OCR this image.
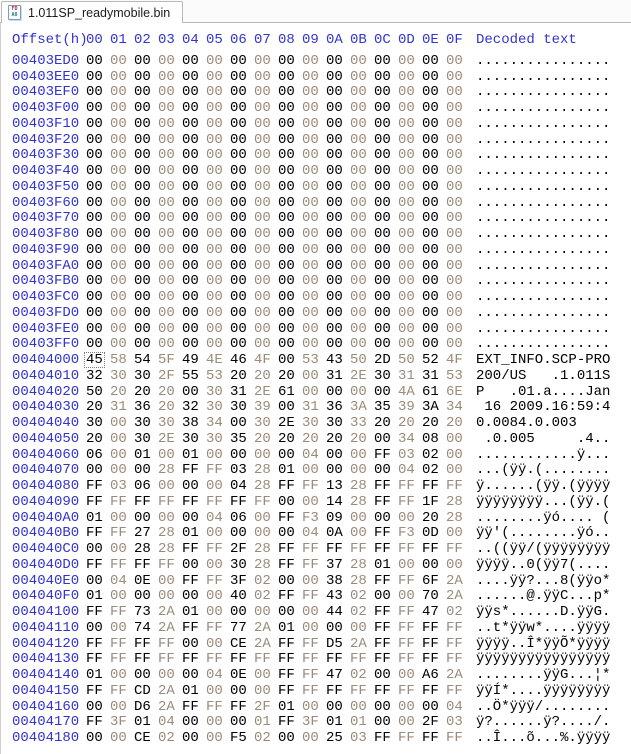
FD
A0 1.011SP_readymobile.bin
Offset(h)
00 01 02 03 04 05 06 07 08 09 0A 0B 0C 0D 0E 0F Decoded text
00403ED0 00 00 00 00 00 00 00 00 00 00 00 00 00 00 00 00 ................
00403EE0 00 00 00 00 00 00 00 00 00 00 00 00 00 00 00 00 ................
00403EF0 00 00 00 00 00 00 00 00 00 00 00 00 00 00 00 00 ................
00403F00 00 00 00 00 00 00 00 00 00 00 00 00 00 00 00 00 ................
00403F10 00 00 00 00 00 00 00 00 00 00 00 00 00 00 00 00 ................
00403F20 00 00 00 00 00 00 00 00 00 00 00 00 00 00 00 00 ................
00403F30 00 00 00 00 00 00 00 00 00 00 00 00 00 00 00 00 ................
00403F40 00 00 00 00 00 00 00 00 00 00 00 00 00 00 00 00 ................
00403F50 00 00 00 00 00 00 00 00 00 00 00 00 00 00 00 00 ................
00403F60 00 00 00 00 00 00 00 00 00 00 00 00 00 00 00 00 ................
00403F70 00 00 00 00 00 00 00 00 00 00 00 00 00 00 00 00 ................
00403F80 00 00 00 00 00 00 00 00 00 00 00 00 00 00 00 00 ................
00403F90 00 00 00 00 00 00 00 00 00 00 00 00 00 00 00 00 ................
00403FA0 00 00 00 00 00 00 00 00 00 00 00 00 00 00 00 00 ................
00403FB0 00 00 00 00 00 00 00 00 00 00 00 00 00 00 00 00 ................
00403FC0 00 00 00 00 00 00 00 00 00 00 00 00 00 00 00 00 ................
00403FD0 00 00 00 00 00 00 00 00 00 00 00 00 00 00 00 00 ................
00403FE0 00 00 00 00 00 00 00 00 00 00 00 00 00 00 00 00 ................
00403FF0 00 00 00 00 00 00 00 00 00 00 00 00 00 00 00 00 ................
00404000 45 58 54 5F 49 4E 46 4F 00 53 43 50 2D 50 52 4F EXT_INFO.SCP-PRO
00404010 32 30 30 2F 55 53 20 20 20 00 31 2E 30 31 31 53 200/US   .1.011S
00404020 50 20 20 20 00 30 31 2E 61 00 00 00 00 4A 61 6E P   .01.a....Jan
00404030 20 31 36 20 32 30 30 39 00 31 36 3A 35 39 3A 34 16 2009.16:59:4
00404040 30 00 30 30 38 34 00 30 2E 30 30 33 20 20 20 20 0.0084.0.003
00404050 20 00 30 2E 30 30 35 20 20 20 20 20 00 34 08 00 .0.005     .4..
00404060 06 00 01 00 01 00 00 00 00 04 00 00 FF 03 02 00 ............ÿ...
00404070 00 00 00 28 FF FF 03 28 01 00 00 00 00 04 02 00 ...(ÿÿ.(........
00404080 FF 03 06 00 00 00 04 28 FF FF 13 28 FF FF FF FF ÿ......(ÿÿ.(ÿÿÿÿ
00404090 FF FF FF FF FF FF FF FF 00 00 14 28 FF FF 1F 28 ÿÿÿÿÿÿÿÿ...(ÿÿ.(
004040A0 01 00 00 00 00 04 06 00 FF F3 09 00 00 00 20 28 ........ÿó.... (
004040B0 FF FF 27 28 01 00 00 00 00 04 0A 00 FF F3 0D 00 ÿÿ'(........ÿó..
004040C0 00 00 28 28 FF FF 2F 28 FF FF FF FF FF FF FF FF ..((ÿÿ/(ÿÿÿÿÿÿÿÿ
004040D0 FF FF FF FF 00 00 30 28 FF FF 37 28 01 00 00 00 ÿÿÿÿ..0(ÿÿ7(....
004040E0 00 04 0E 00 FF FF 3F 02 00 00 38 28 FF FF 6F 2A ....ÿÿ?...8(ÿÿo*
004040F0 01 00 00 00 00 00 40 02 FF FF 43 02 00 00 70 2A ......@.ÿÿC...p*
00404100 FF FF 73 2A 01 00 00 00 00 00 44 02 FF FF 47 02 ÿÿs*......D.ÿÿG.
00404110 00 00 74 2A FF FF 77 2A 01 00 00 00 FF FF FF FF ..t*ÿÿw*....ÿÿÿÿ
00404120 FF FF FF FF 00 00 CE 2A FF FF D5 2A FF FF FF FF ÿÿÿÿ..Î*ÿÿÕ*ÿÿÿÿ
00404130 FF FF FF FF FF FF FF FF FF FF FF FF FF FF FF FF ÿÿÿÿÿÿÿÿÿÿÿÿÿÿÿÿ
00404140 01 00 00 00 00 04 0E 00 FF FF 47 02 00 00 A6 2A ........ÿÿG...¦*
00404150 FF FF CD 2A 01 00 00 00 FF FF FF FF FF FF FF FF ÿÿÍ*....ÿÿÿÿÿÿÿÿ
00404160 00 00 D6 2A FF FF FF 2F 01 00 00 00 00 00 00 04 ..Ö*ÿÿÿ/........
00404170 FF 3F 01 04 00 00 00 01 FF 3F 01 01 00 00 2F 03 ÿ?......ÿ?..../.
00404180 00 00 CE 02 00 00 F5 02 00 00 25 03 FF FF FF FF ..Î...õ...%.ÿÿÿÿ
